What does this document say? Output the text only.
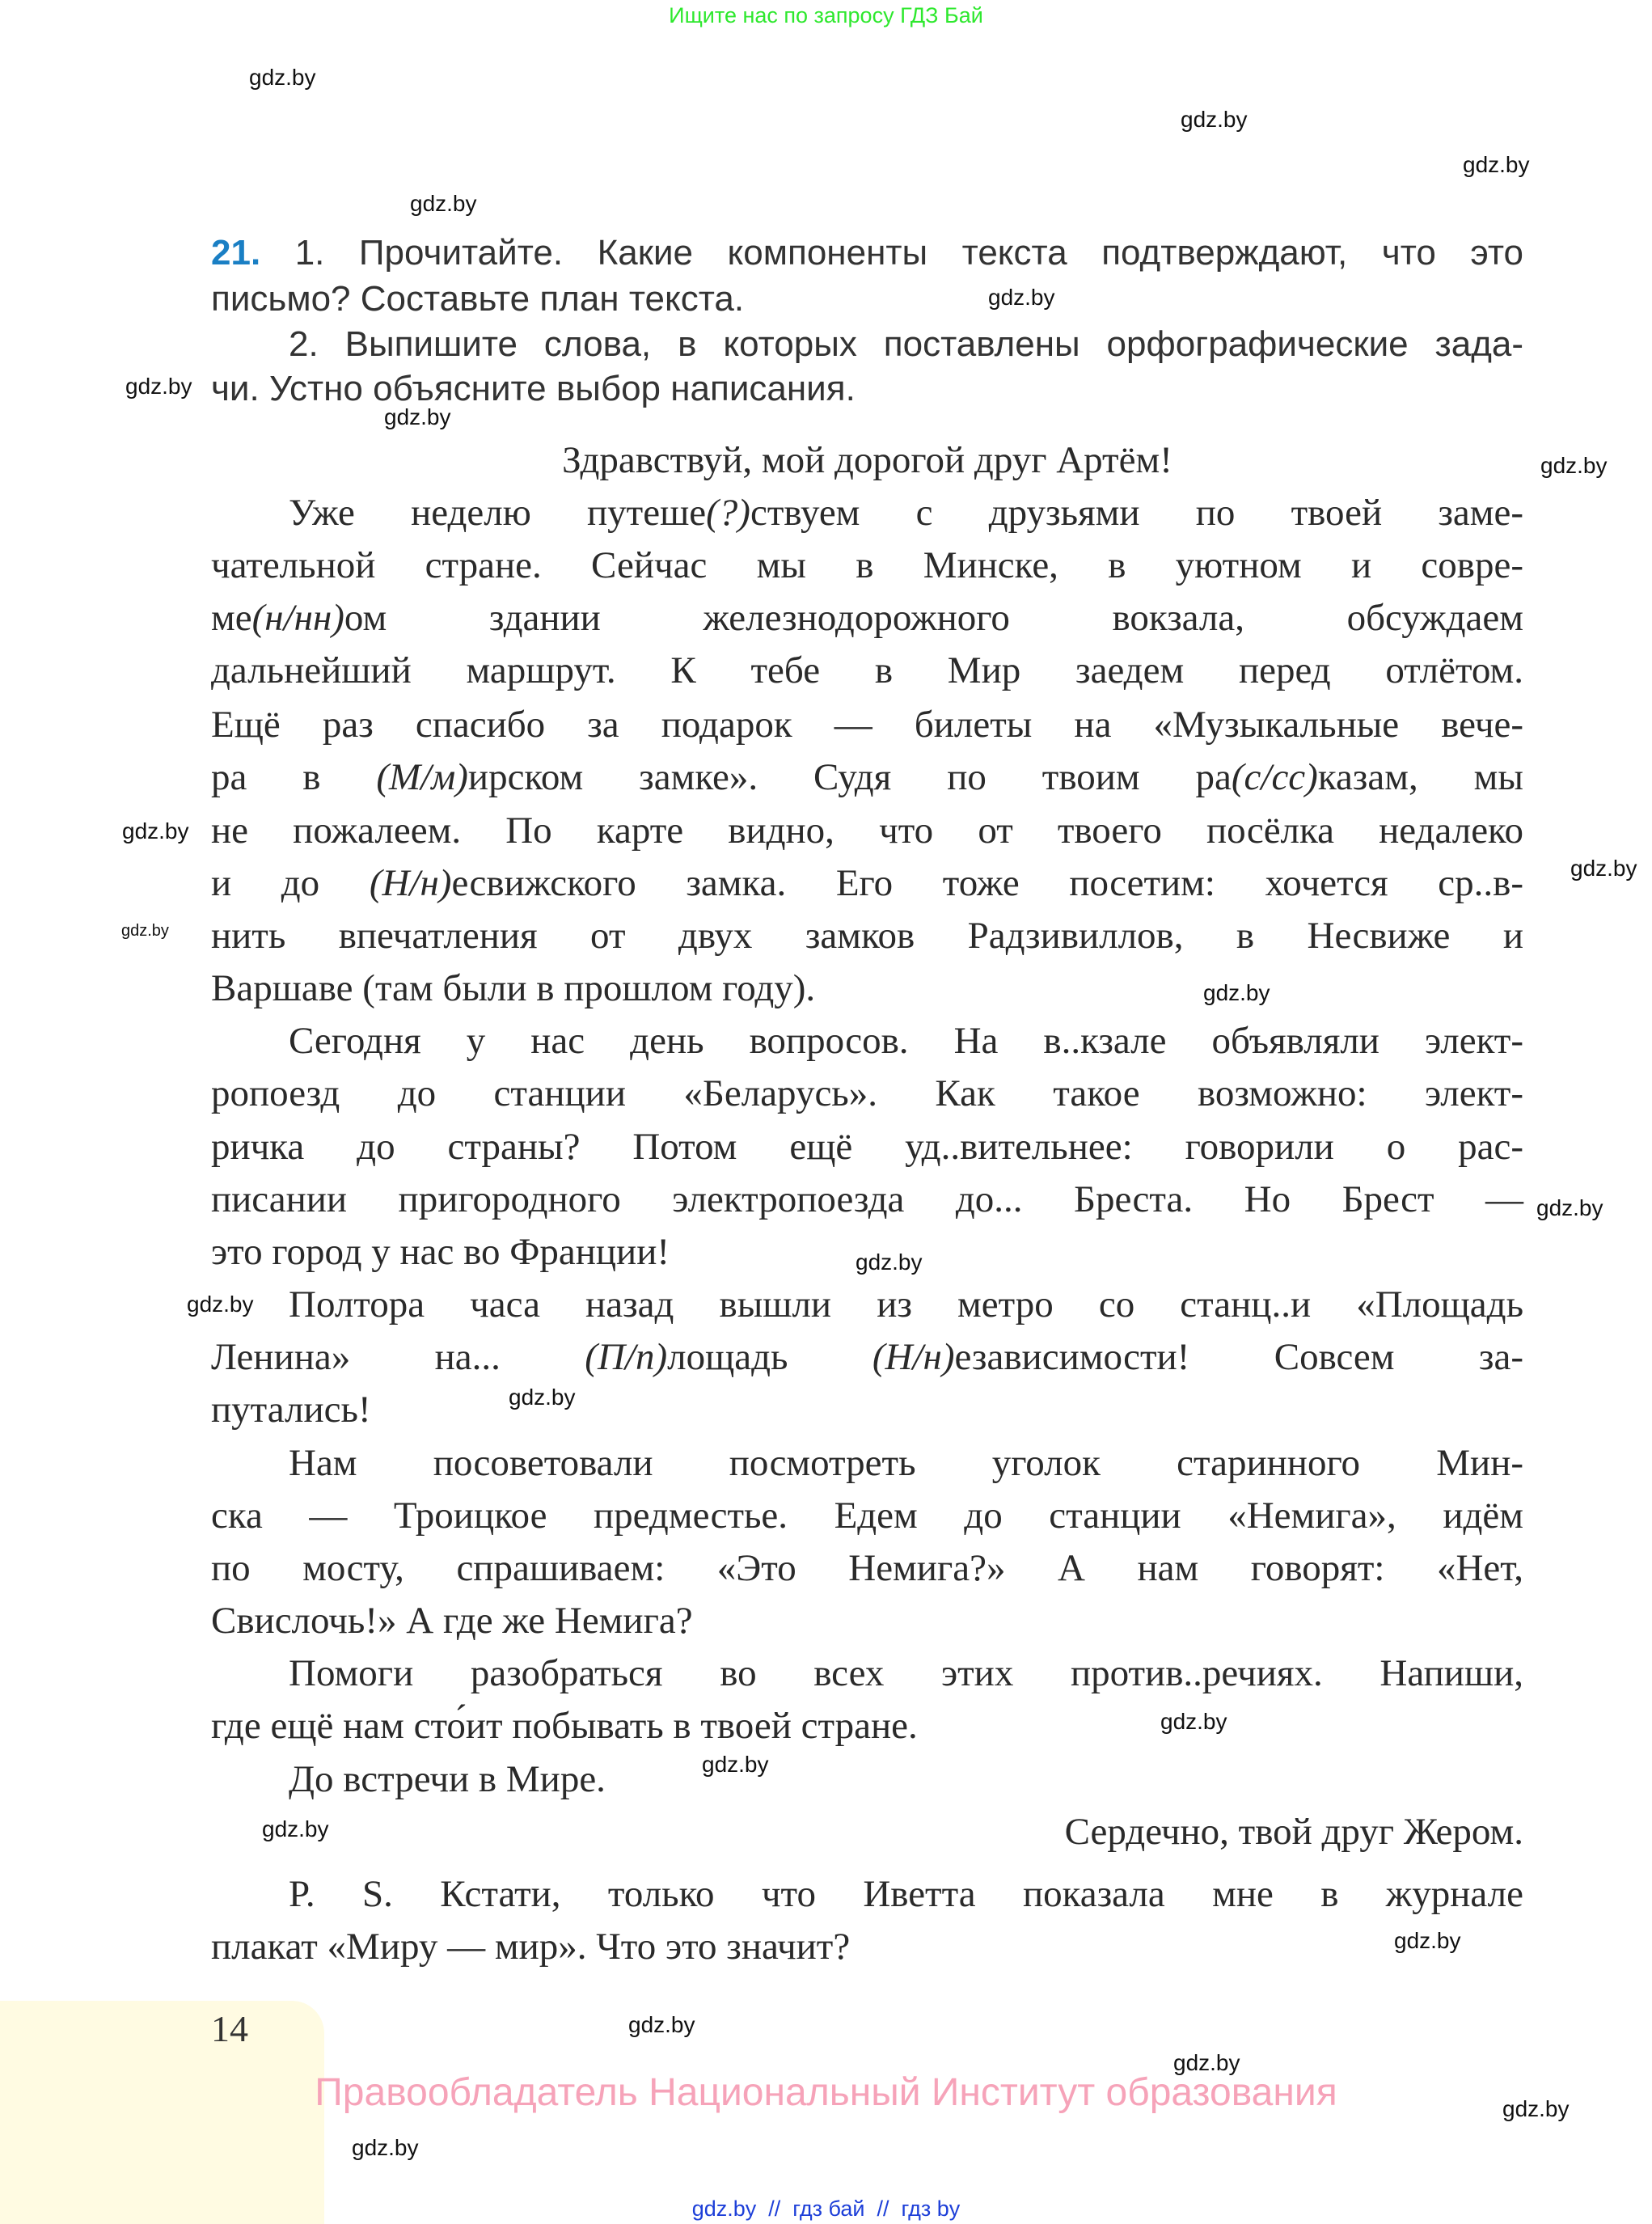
Ищите нас по запросу ГДЗ Бай
gdz.by
gdz.by
gdz.by
gdz.by
gdz.by
gdz.by
gdz.by
gdz.by
gdz.by
gdz.by
gdz.by
gdz.by
gdz.by
gdz.by
gdz.by
gdz.by
gdz.by
gdz.by
gdz.by
gdz.by
gdz.by
gdz.by
gdz.by
gdz.by
21. 1. Прочитайте. Какие компоненты текста подтверждают, что это
письмо? Составьте план текста.
2. Выпишите слова, в которых поставлены орфографические зада-
чи. Устно объясните выбор написания.
Здравствуй, мой дорогой друг Артём!
Уже неделю путеше(?)ствуем с друзьями по твоей заме-
чательной стране. Сейчас мы в Минске, в уютном и совре-
ме(н/нн)ом здании железнодорожного вокзала, обсуждаем
дальнейший маршрут. К тебе в Мир заедем перед отлётом.
Ещё раз спасибо за подарок — билеты на «Музыкальные вече-
ра в (М/м)ирском замке». Судя по твоим ра(с/сс)казам, мы
не пожалеем. По карте видно, что от твоего посёлка недалеко
и до (Н/н)есвижского замка. Его тоже посетим: хочется ср..в-
нить впечатления от двух замков Радзивиллов, в Несвиже и
Варшаве (там были в прошлом году).
Сегодня у нас день вопросов. На в..кзале объявляли элект-
ропоезд до станции «Беларусь». Как такое возможно: элект-
ричка до страны? Потом ещё уд..вительнее: говорили о рас-
писании пригородного электропоезда до... Бреста. Но Брест —
это город у нас во Франции!
Полтора часа назад вышли из метро со станц..и «Площадь
Ленина» на... (П/п)лощадь (Н/н)езависимости! Совсем за-
путались!
Нам посоветовали посмотреть уголок старинного Мин-
ска — Троицкое предместье. Едем до станции «Немига», идём
по мосту, спрашиваем: «Это Немига?» А нам говорят: «Нет,
Свислочь!» А где же Немига?
Помоги разобраться во всех этих против..речиях. Напиши,
где ещё нам сто́ит побывать в твоей стране.
До встречи в Мире.
Сердечно, твой друг Жером.
P. S. Кстати, только что Иветта показала мне в журнале
плакат «Миру — мир». Что это значит?
14
Правообладатель Национальный Институт образования
gdz.by  //  гдз бай  //  гдз by
